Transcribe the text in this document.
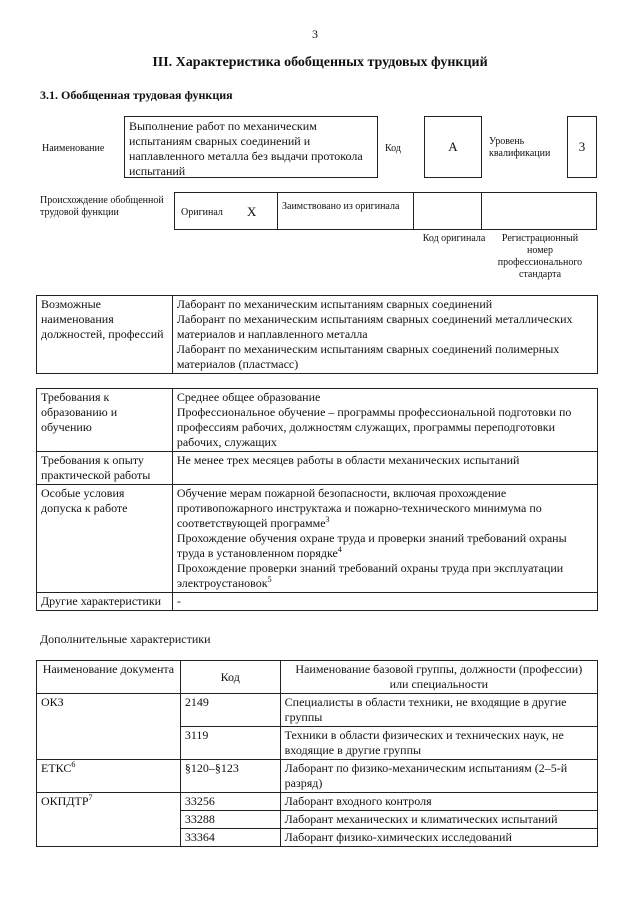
3
III. Характеристика обобщенных трудовых функций
3.1. Обобщенная трудовая функция
Наименование
Выполнение работ по механическим испытаниям сварных соединений и наплавленного металла без выдачи протокола испытаний
Код	А	Уровень квалификации	3
Происхождение обобщенной трудовой функции	Оригинал X	Заимствовано из оригинала
Код оригинала	Регистрационный номер профессионального стандарта
Возможные наименования должностей, профессий	
Лаборант по механическим испытаниям сварных соединений
Лаборант по механическим испытаниям сварных соединений металлических материалов и наплавленного металла
Лаборант по механическим испытаниям сварных соединений полимерных материалов (пластмасс)
Требования к образованию и обучению	Среднее общее образование
Профессиональное обучение – программы профессиональной подготовки по профессиям рабочих, должностям служащих, программы переподготовки рабочих, служащих

Требования к опыту практической работы	Не менее трех месяцев работы в области механических испытаний

Особые условия допуска к работе	Обучение мерам пожарной безопасности, включая прохождение противопожарного инструктажа и пожарно-технического минимума по соответствующей программе$^3$
Прохождение обучения охране труда и проверки знаний требований охраны труда в установленном порядке$^4$
Прохождение проверки знаний требований охраны труда при эксплуатации электроустановок$^5$

Другие характеристики	-
Дополнительные характеристики
Наименование документа	Код	Наименование базовой группы, должности (профессии) или специальности
ОКЗ	2149	Специалисты в области техники, не входящие в другие группы
	3119	Техники в области физических и технических наук, не входящие в другие группы
ЕТКС$^6$	§120–§123	Лаборант по физико-механическим испытаниям (2–5-й разряд)
ОКПДТР$^7$	33256	Лаборант входного контроля
	33288	Лаборант механических и климатических испытаний
	33364	Лаборант физико-химических исследований
